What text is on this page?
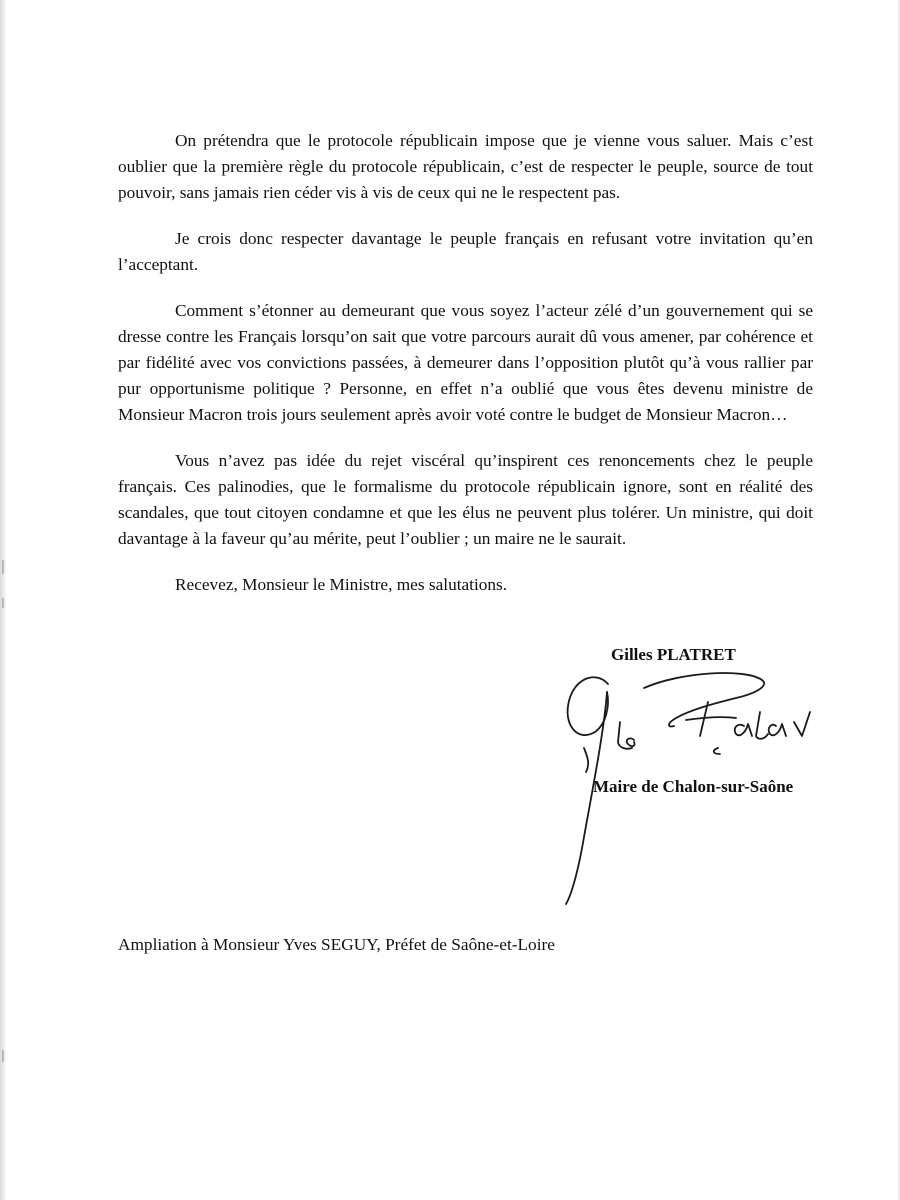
On prétendra que le protocole républicain impose que je vienne vous saluer. Mais c’est oublier que la première règle du protocole républicain, c’est de respecter le peuple, source de tout pouvoir, sans jamais rien céder vis à vis de ceux qui ne le respectent pas.

Je crois donc respecter davantage le peuple français en refusant votre invitation qu’en l’acceptant.

Comment s’étonner au demeurant que vous soyez l’acteur zélé d’un gouvernement qui se dresse contre les Français lorsqu’on sait que votre parcours aurait dû vous amener, par cohérence et par fidélité avec vos convictions passées, à demeurer dans l’opposition plutôt qu’à vous rallier par pur opportunisme politique ? Personne, en effet n’a oublié que vous êtes devenu ministre de Monsieur Macron trois jours seulement après avoir voté contre le budget de Monsieur Macron…

Vous n’avez pas idée du rejet viscéral qu’inspirent ces renoncements chez le peuple français. Ces palinodies, que le formalisme du protocole républicain ignore, sont en réalité des scandales, que tout citoyen condamne et que les élus ne peuvent plus tolérer. Un ministre, qui doit davantage à la faveur qu’au mérite, peut l’oublier ; un maire ne le saurait.

Recevez, Monsieur le Ministre, mes salutations.

Gilles PLATRET
Maire de Chalon-sur-Saône
Ampliation à Monsieur Yves SEGUY, Préfet de Saône-et-Loire
